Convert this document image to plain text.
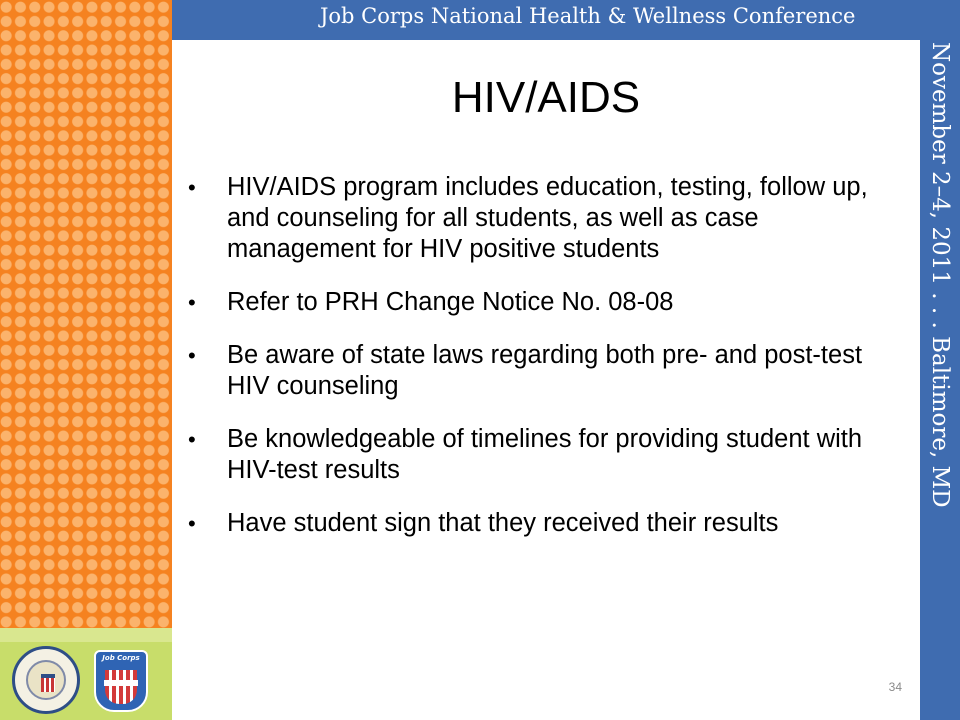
Job Corps
Job Corps National Health & Wellness Conference
November 2–4, 2011 . . . Baltimore, MD
HIV/AIDS
• HIV/AIDS program includes education, testing, follow up, and counseling for all students, as well as case management for HIV positive students
• Refer to PRH Change Notice No. 08-08
• Be aware of state laws regarding both pre- and post-test HIV counseling
• Be knowledgeable of timelines for providing student with HIV-test results
• Have student sign that they received their results
34
